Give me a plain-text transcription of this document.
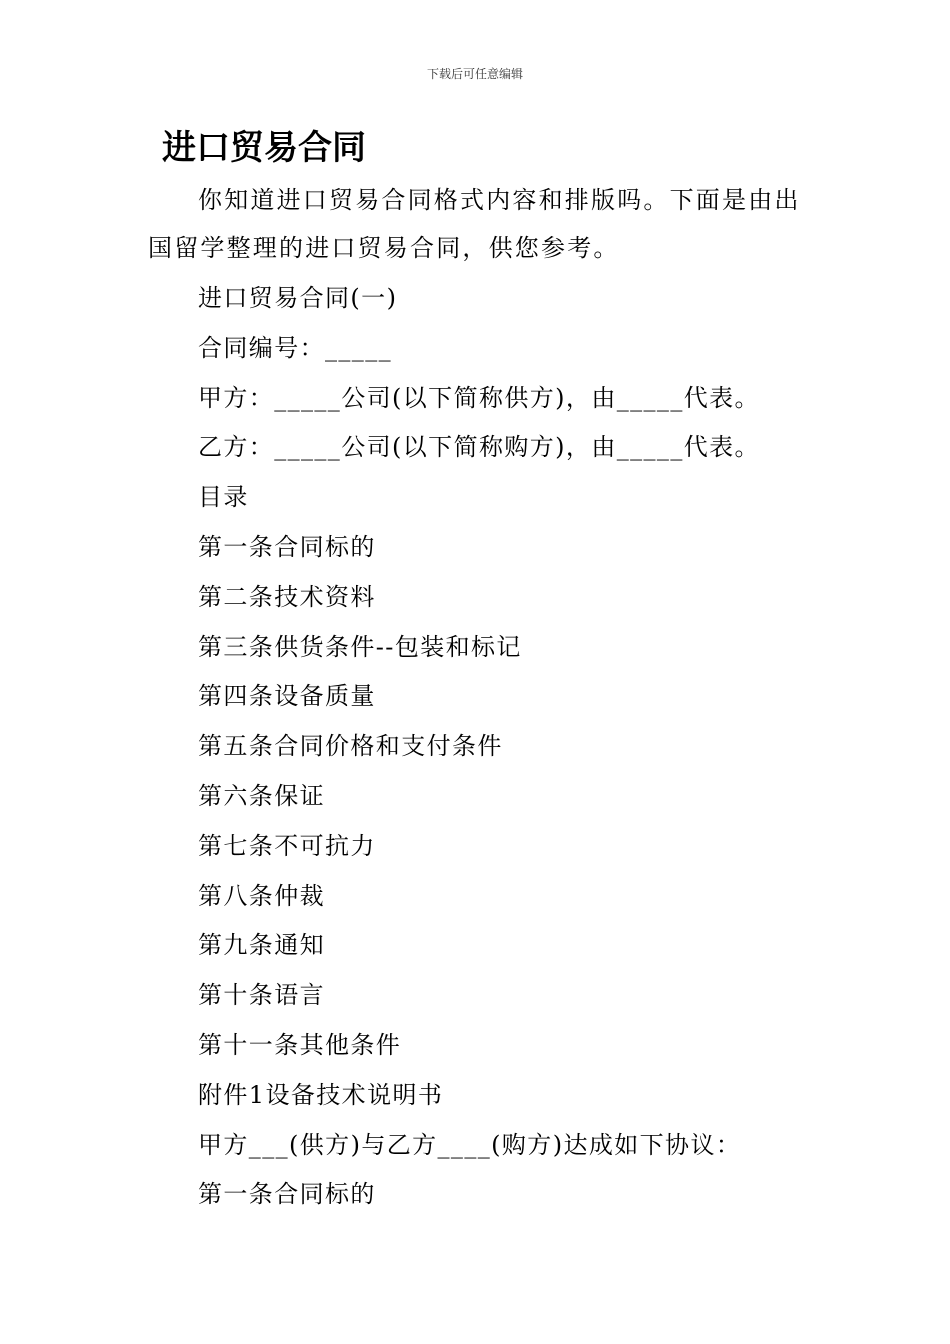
下载后可任意编辑
进口贸易合同
你知道进口贸易合同格式内容和排版吗。下面是由出
国留学整理的进口贸易合同，供您参考。
进口贸易合同(一)
合同编号：_____
甲方：_____公司(以下简称供方)，由_____代表。
乙方：_____公司(以下简称购方)，由_____代表。
目录
第一条合同标的
第二条技术资料
第三条供货条件--包装和标记
第四条设备质量
第五条合同价格和支付条件
第六条保证
第七条不可抗力
第八条仲裁
第九条通知
第十条语言
第十一条其他条件
附件1设备技术说明书
甲方___(供方)与乙方____(购方)达成如下协议：
第一条合同标的
